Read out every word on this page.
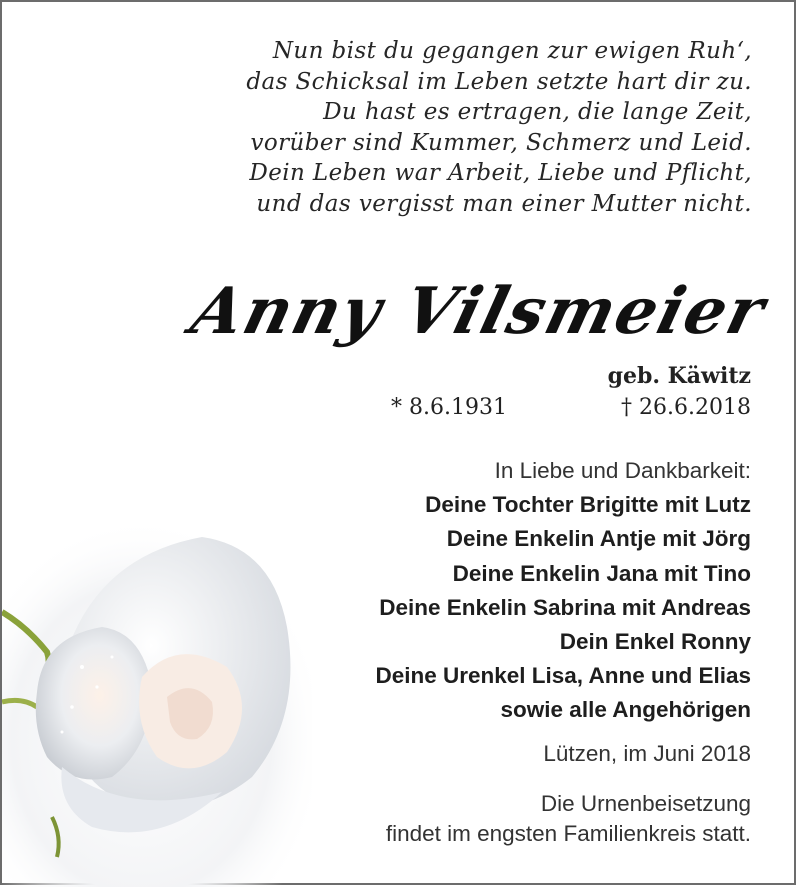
Nun bist du gegangen zur ewigen Ruh‘,
das Schicksal im Leben setzte hart dir zu.
Du hast es ertragen, die lange Zeit,
vorüber sind Kummer, Schmerz und Leid.
Dein Leben war Arbeit, Liebe und Pflicht,
und das vergisst man einer Mutter nicht.
Anny Vilsmeier
geb. Käwitz
* 8.6.1931	† 26.6.2018
In Liebe und Dankbarkeit:
Deine Tochter Brigitte mit Lutz
Deine Enkelin Antje mit Jörg
Deine Enkelin Jana mit Tino
Deine Enkelin Sabrina mit Andreas
Dein Enkel Ronny
Deine Urenkel Lisa, Anne und Elias
sowie alle Angehörigen
Lützen, im Juni 2018
Die Urnenbeisetzung
findet im engsten Familienkreis statt.
